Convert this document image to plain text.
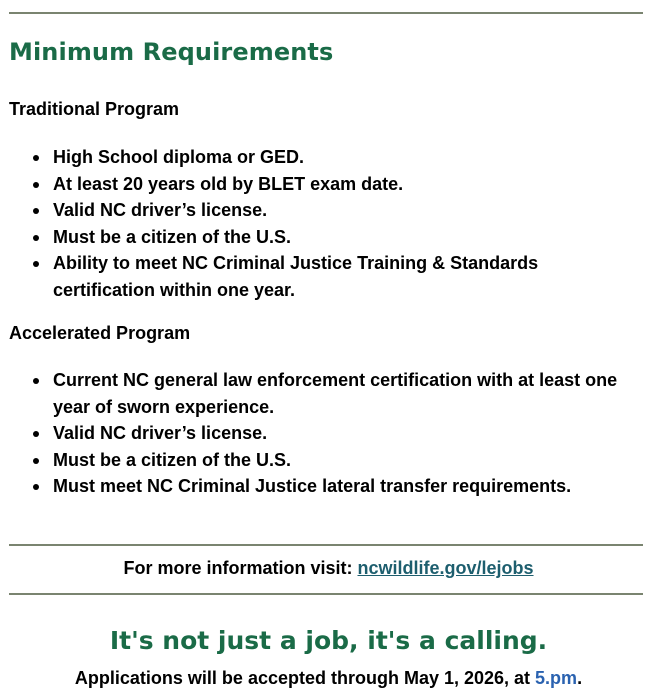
Minimum Requirements
Traditional Program
High School diploma or GED.
At least 20 years old by BLET exam date.
Valid NC driver’s license.
Must be a citizen of the U.S.
Ability to meet NC Criminal Justice Training & Standards certification within one year.
Accelerated Program
Current NC general law enforcement certification with at least one year of sworn experience.
Valid NC driver’s license.
Must be a citizen of the U.S.
Must meet NC Criminal Justice lateral transfer requirements.

For more information visit: ncwildlife.gov/lejobs

It's not just a job, it's a calling.

Applications will be accepted through May 1, 2026, at 5.pm.
